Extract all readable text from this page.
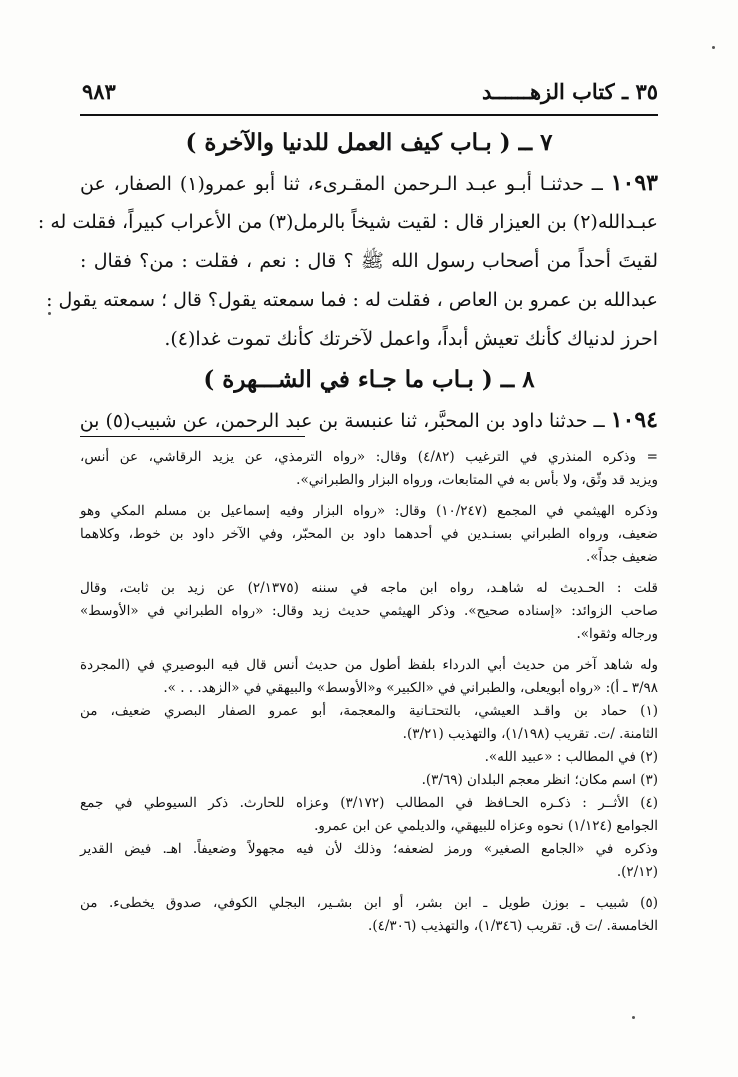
٣٥ ـ كتاب الزهــــــد
٩٨٣
٧ ــ ( بـاب كيف العمل للدنيا والآخرة )
١٠٩٣ ــ حدثنـا أبـو عبـد الـرحمن المقـرىء، ثنا أبو عمرو(١) الصفار، عن
عبـدالله(٢) بن العيزار قال : لقيت شيخاً بالرمل(٣) من الأعراب كبيراً، فقلت له :
لقيتَ أحداً من أصحاب رسول الله ﷺ ؟ قال : نعم ، فقلت : من؟ فقال :
عبدالله بن عمرو بن العاص ، فقلت له : فما سمعته يقول؟ قال ؛ سمعته يقول :
احرز لدنياك كأنك تعيش أبداً، واعمل لآخرتك كأنك تموت غدا(٤).
٨ ــ ( بـاب ما جـاء في الشـــهرة )
١٠٩٤ ــ حدثنا داود بن المحبَّر، ثنا عنبسة بن عبد الرحمن، عن شبيب(٥) بن
= وذكره المنذري في الترغيب (٤/٨٢) وقال: «رواه الترمذي، عن يزيد الرقاشي، عن أنس،
ويزيد قد وثّق، ولا بأس به في المتابعات، ورواه البزار والطبراني».
وذكره الهيثمي في المجمع (١٠/٢٤٧) وقال: «رواه البزار وفيه إسماعيل بن مسلم المكي وهو
ضعيف، ورواه الطبراني بسنـدين في أحدهما داود بن المحبّر، وفي الآخر داود بن خوط، وكلاهما
ضعيف جداً».
قلت : الحـديث له شاهـد، رواه ابن ماجه في سننه (٢/١٣٧٥) عن زيد بن ثابت، وقال
صاحب الزوائد: «إسناده صحيح». وذكر الهيثمي حديث زيد وقال: «رواه الطبراني في «الأوسط»
ورجاله وثقوا».
وله شاهد آخر من حديث أبي الدرداء بلفظ أطول من حديث أنس قال فيه البوصيري في (المجردة
٣/٩٨ ـ أ): «رواه أبويعلى، والطبراني في «الكبير» و«الأوسط» والبيهقي في «الزهد. . . ».
(١) حماد بن واقـد العيشي، بالتحتـانية والمعجمة، أبو عمرو الصفار البصري ضعيف، من
الثامنة. /ت. تقريب (١/١٩٨)، والتهذيب (٣/٢١).
(٢) في المطالب : «عبيد الله».
(٣) اسم مكان؛ انظر معجم البلدان (٣/٦٩).
(٤) الأثــر : ذكـره الحـافظ في المطالب (٣/١٧٢) وعزاه للحارث. ذكر السيوطي في جمع
الجوامع (١/١٢٤) نحوه وعزاه للبيهقي، والديلمي عن ابن عمرو.
وذكره في «الجامع الصغير» ورمز لضعفه؛ وذلك لأن فيه مجهولاً وضعيفاً. اهـ. فيض القدير
(٢/١٢).
(٥) شبيب ـ بوزن طويل ـ ابن بشر، أو ابن بشـير، البجلي الكوفي، صدوق يخطىء. من
الخامسة. /ت ق. تقريب (١/٣٤٦)، والتهذيب (٤/٣٠٦).
